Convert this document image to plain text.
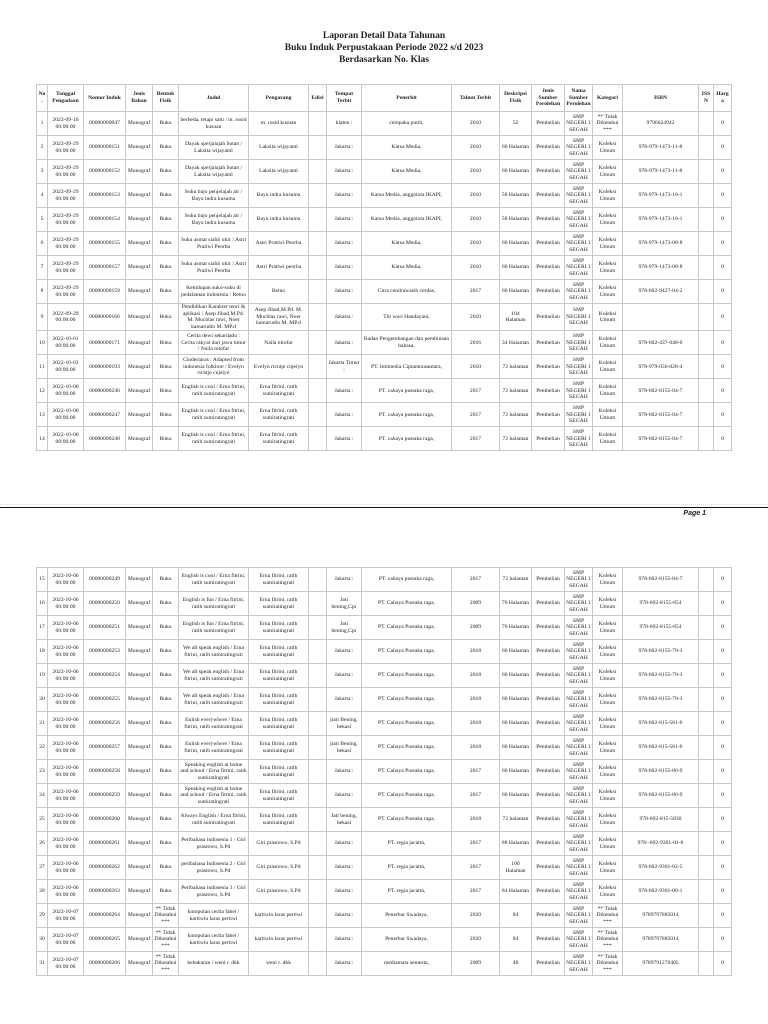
Laporan Detail Data Tahunan
Buku Induk Perpustakaan Periode 2022 s/d 2023
Berdasarkan No. Klas
No.	Tanggal Pengadaan	Nomor Induk	Jenis Bahan	Bentuk Fisik	Judul	Pengarang	Edisi	Tempat Terbit	Penerbit	Tahun Terbit	Deskripsi Fisik	Jenis Sumber Perolehan	Nama Sumber Perolehan	Kategori	ISBN	ISSN	Harga
1	2022-09-16 00:00:00	00000000047	Monograf	Buku	berbeda, tetapi satu / m. rosid kusnan	m. rosid kusnan		klaten :	cempaka putih,	2010	52	Pembelian	SMP NEGERI 1 SEGAH	** Tidak Diketahui ***	9796624942		0
2	2022-09-29 00:00:00	00000000151	Monograf	Buku	Dayak sperjalajah hutan / Laksita wijayanti	Laksita wijayanti		Jakarta :	Karsa Media,	2010	60 Halaman	Pembelian	SMP NEGERI 1 SEGAH	Koleksi Umum	978-979-1473-11-8		0
3	2022-09-29 00:00:00	00000000152	Monograf	Buku	Dayak sperjalajah hutan / Laksita wijayanti	Laksita wijayanti		Jakarta :	Karsa Media,	2010	60 Halaman	Pembelian	SMP NEGERI 1 SEGAH	Koleksi Umum	978-979-1473-11-8		0
4	2022-09-29 00:00:00	00000000153	Monograf	Buku	Suku bajo penjelajah air / Bayu indra kusuma	Bayu indra kusuma		Jakarta :	Karsa Media, anggotota IKAPI,	2010	58 Halaman	Pembelian	SMP NEGERI 1 SEGAH	Koleksi Umum	978-979-1473-10-1		0
5	2022-09-29 00:00:00	00000000154	Monograf	Buku	Suku bajo penjelajah air / Bayu indra kusuma	Bayu indra kusuma		Jakarta :	Karsa Media, anggotota IKAPI,	2010	58 Halaman	Pembelian	SMP NEGERI 1 SEGAH	Koleksi Umum	978-979-1473-10-1		0
6	2022-09-29 00:00:00	00000000155	Monograf	Buku	Suku asmat siahli ukir / Astri Pratiwi Peorba	Astri Pratiwi Peorba		Jakarta :	Karsa Media,	2010	60 Halaman	Pembelian	SMP NEGERI 1 SEGAH	Koleksi Umum	978-979-1473-08-8		0
7	2022-09-29 00:00:00	00000000157	Monograf	Buku	Suku asmat siahli ukir / Astri Pratiwi Peorba	Astri Pratiwi peorba		Jakarta :	Karsa Media,	2010	60 Halaman	Pembelian	SMP NEGERI 1 SEGAH	Koleksi Umum	978-979-1473-08-8		0
8	2022-09-29 00:00:00	00000000159	Monograf	Buku	Kehidupan suku-suku di pedalaman indonesia / Retno	Retno		Jakarta :	Citra cendrawasih cerdas,	2017	60 Halaman	Pembelian	SMP NEGERI 1 SEGAH	Koleksi Umum	978-602-9427-04-2		0
9	2022-09-29 00:00:00	00000000166	Monograf	Buku	Pendidikan Karakter teori & aplikasi / Asep Jihad,M.Pd. M. Muchlas rawi, Noer kamarudin M. MP.d	Asep Jihad,M.Pd. M. Muchlas rawi, Noer kamarudin M. MP.d		Jakarta :	Tiit wuri Handayani,	2010	104 Halaman	Pembelian	SMP NEGERI 1 SEGAH	Koleksi Umum			0
10	2022-10-01 00:00:00	00000000171	Monograf	Buku	Cerita dewi sekardadu : Cerita rakyat dari jawa timur / Naila nitofar	Naila nitofar		Jakarta :	Badan Pengembangan dan pembinaan bahasa,	2016	34 Halaman	Pembelian	SMP NEGERI 1 SEGAH	Koleksi Umum	978-602-437-048-0		0
11	2022-10-03 00:00:00	00000000193	Monograf	Buku	Cinderiaras : Adapted from indonesia folklore / Evelyn ricntje cnjeiyn	Evelyn ricntje cnjeiyn		Jakarta Timur :	PT. Intimedia Ciptamnusantara,	2010	72 halaman	Pembelian	SMP NEGERI 1 SEGAH	Koleksi Umum	978-979-056-028-4		0
12	2022-10-06 00:00:00	00000000246	Monograf	Buku	English is cool / Erna fitrini, ratih sumiratingrati	Erna fitrini, ratih sumiratingrati		Jakarta :	PT. cahaya pustaka raga,	2017	72 halaman	Pembelian	SMP NEGERI 1 SEGAH	Koleksi Umum	978-602-8155-84-7		0
13	2022-10-06 00:00:00	00000000247	Monograf	Buku	English is cool / Erna fitrini, ratih sumiratingrati	Erna fitrini, ratih sumiratingrati		Jakarta :	PT. cahaya pustaka raga,	2017	72 halaman	Pembelian	SMP NEGERI 1 SEGAH	Koleksi Umum	978-602-8155-84-7		0
14	2022-10-06 00:00:00	00000000248	Monograf	Buku	English is cool / Erna fitrini, ratih sumiratingrati	Erna fitrini, ratih sumiratingrati		Jakarta :	PT. cahaya pustaka raga,	2017	72 halaman	Pembelian	SMP NEGERI 1 SEGAH	Koleksi Umum	978-602-8155-84-7		0
Page 1
15	2022-10-06 00:00:00	00000000249	Monograf	Buku	English is cool / Erna fitrini, ratih sumiratingrati	Erna fitrini, ratih sumiratingrati		Jakarta :	PT. cahaya pustaka raga,	2017	72 halaman	Pembelian	SMP NEGERI 1 SEGAH	Koleksi Umum	978-602-8155-84-7		0
16	2022-10-06 00:00:00	00000000250	Monograf	Buku	English is fun / Erna fitrini, ratih sumiratingrati	Erna fitrini, ratih sumiratingrati		Jati bening,Cpr	PT. Cahaya Pustaka raga,	2009	76 Halaman	Pembelian	SMP NEGERI 1 SEGAH	Koleksi Umum	978-602-8155-854		0
17	2022-10-06 00:00:00	00000000251	Monograf	Buku	English is fun / Erna fitrini, ratih sumiratingrati	Erna fitrini, ratih sumiratingrati		Jati bening,Cpr	PT. Cahaya Pustaka raga,	2009	76 Halaman	Pembelian	SMP NEGERI 1 SEGAH	Koleksi Umum	978-602-8155-854		0
18	2022-10-06 00:00:00	00000000253	Monograf	Buku	We all speak english / Erna fitrini, ratih sumiratingrati	Erna fitrini, ratih sumiratingrati		Jakarta :	PT. Cahaya Pustaka raga,	2018	60 Halaman	Pembelian	SMP NEGERI 1 SEGAH	Koleksi Umum	978-602-8155-79-3		0
19	2022-10-06 00:00:00	00000000254	Monograf	Buku	We all speak english / Erna fitrini, ratih sumiratingrati	Erna fitrini, ratih sumiratingrati		Jakarta :	PT. Cahaya Pustaka raga,	2018	60 Halaman	Pembelian	SMP NEGERI 1 SEGAH	Koleksi Umum	978-602-8155-79-3		0
20	2022-10-06 00:00:00	00000000255	Monograf	Buku	We all speak english / Erna fitrini, ratih sumiratingrati	Erna fitrini, ratih sumiratingrati		Jakarta :	PT. Cahaya Pustaka raga,	2018	60 Halaman	Pembelian	SMP NEGERI 1 SEGAH	Koleksi Umum	978-602-8155-79-3		0
21	2022-10-06 00:00:00	00000000256	Monograf	Buku	Enlish everywhere / Erna fitrini, ratih sumiratingrati	Erna fitrini, ratih sumiratingrati		jiati Bening, bekasi	PT. Cahaya Pustaka raga,	2018	60 Halaman	Pembelian	SMP NEGERI 1 SEGAH	Koleksi Umum	978-602-815-581-6		0
22	2022-10-06 00:00:00	00000000257	Monograf	Buku	Enlish everywhere / Erna fitrini, ratih sumiratingrati	Erna fitrini, ratih sumiratingrati		jiati Bening, bekasi	PT. Cahaya Pustaka raga,	2018	60 Halaman	Pembelian	SMP NEGERI 1 SEGAH	Koleksi Umum	978-602-815-581-6		0
23	2022-10-06 00:00:00	00000000258	Monograf	Buku	Speaking english at home and school / Erna fitrini, ratih sumiratingrati	Erna fitrini, ratih sumiratingrati		Jakarta :	PT. Cahaya Pustaka raga,	2017	60 Halaman	Pembelian	SMP NEGERI 1 SEGAH	Koleksi Umum	978-602-8155-80-9		0
24	2022-10-06 00:00:00	00000000259	Monograf	Buku	Speaking english at home and school / Erna fitrini, ratih sumiratingrati	Erna fitrini, ratih sumiratingrati		Jakarta :	PT. Cahaya Pustaka raga,	2017	60 Halaman	Pembelian	SMP NEGERI 1 SEGAH	Koleksi Umum	978-602-8155-80-9		0
25	2022-10-06 00:00:00	00000000260	Monograf	Buku	Always English / Erna fitrini, ratih sumiratingrati	Erna fitrini, ratih sumiratingrati		Jati bening, bekasi	PT. Cahaya Pustaka raga,	2018	72 halaman	Pembelian	SMP NEGERI 1 SEGAH	Koleksi Umum	978-602-815-5830		0
26	2022-10-06 00:00:00	00000000261	Monograf	Buku	Peribahasa indonesia 1 / Giri prastowo, S.Pd	Giri prastowo, S.Pd		Jakarta :	PT. regia jacatta,	2017	88 Halaman	Pembelian	SMP NEGERI 1 SEGAH	Koleksi Umum	978--602-9361-01-8		0
27	2022-10-06 00:00:00	00000000262	Monograf	Buku	peribahasa Indonesia 2 / Giri prastowo, S.Pd	Giri prastowo, S.Pd		Jakarta :	PT. regia jacatta,	2017	100 Halaman	Pembelian	SMP NEGERI 1 SEGAH	Koleksi Umum	978-602-9361-02-5		0
28	2022-10-06 00:00:00	00000000263	Monograf	Buku	Peribahasa indonesia 3 / Giri prastowo, S.Pd	Giri prastowo, S.Pd		Jakarta :	PT. regia jacatta,	2017	84 Halaman	Pembelian	SMP NEGERI 1 SEGAH	Koleksi Umum	978-602-9361-00-1		0
29	2022-10-07 00:00:00	00000000264	Monograf	** Tidak Diketahui ***	kumpulan cerita fabel / kartiwin laras pertiwi	kartiwin laras pertiwi		Jakarta :	Penerbar Swadaya,	2020	84	Pembelian	SMP NEGERI 1 SEGAH	** Tidak Diketahui ***	9789797885014		0
30	2022-10-07 00:00:00	00000000265	Monograf	** Tidak Diketahui ***	kumpulan cerita fabel / kartiwin laras pertiwi	kartiwin laras pertiwi		Jakarta :	Penerbar Swadaya,	2020	84	Pembelian	SMP NEGERI 1 SEGAH	** Tidak Diketahui ***	9789797885014		0
31	2022-10-07 00:00:00	00000000266	Monograf	** Tidak Diketahui ***	kebakaran / weni r. dkk	weni r. dkk		Jakarta :	mediamata semesta,	2009	48	Pembelian	SMP NEGERI 1 SEGAH	** Tidak Diketahui ***	9789791276405		0
